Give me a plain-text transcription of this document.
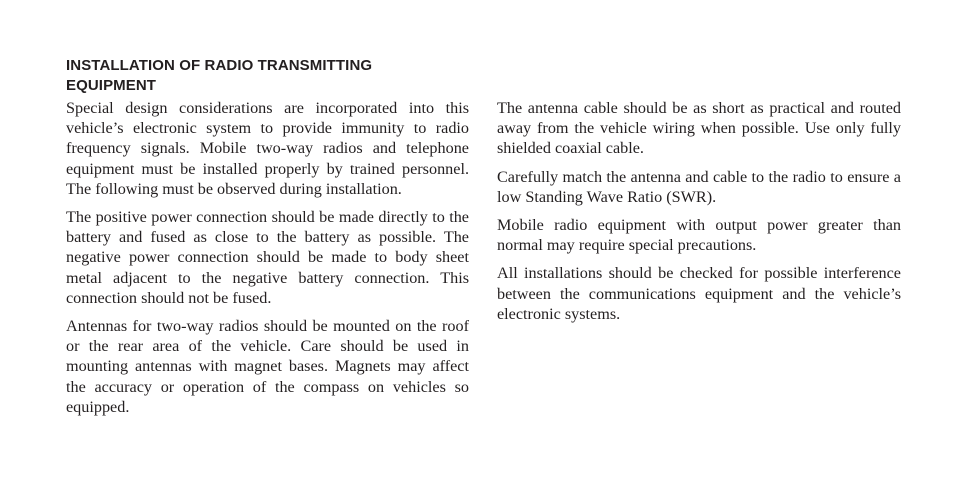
INSTALLATION OF RADIO TRANSMITTING
EQUIPMENT

Special design considerations are incorporated into this vehicle’s electronic system to provide immunity to radio frequency signals. Mobile two-way radios and telephone equipment must be installed properly by trained personnel. The following must be observed during installation.

The positive power connection should be made directly to the battery and fused as close to the battery as possible. The negative power connection should be made to body sheet metal adjacent to the negative battery connection. This connection should not be fused.

Antennas for two-way radios should be mounted on the roof or the rear area of the vehicle. Care should be used in mounting antennas with magnet bases. Magnets may affect the accuracy or operation of the compass on vehicles so equipped.

The antenna cable should be as short as practical and routed away from the vehicle wiring when possible. Use only fully shielded coaxial cable.

Carefully match the antenna and cable to the radio to ensure a low Standing Wave Ratio (SWR).

Mobile radio equipment with output power greater than normal may require special precautions.

All installations should be checked for possible interference between the communications equipment and the vehicle’s electronic systems.
